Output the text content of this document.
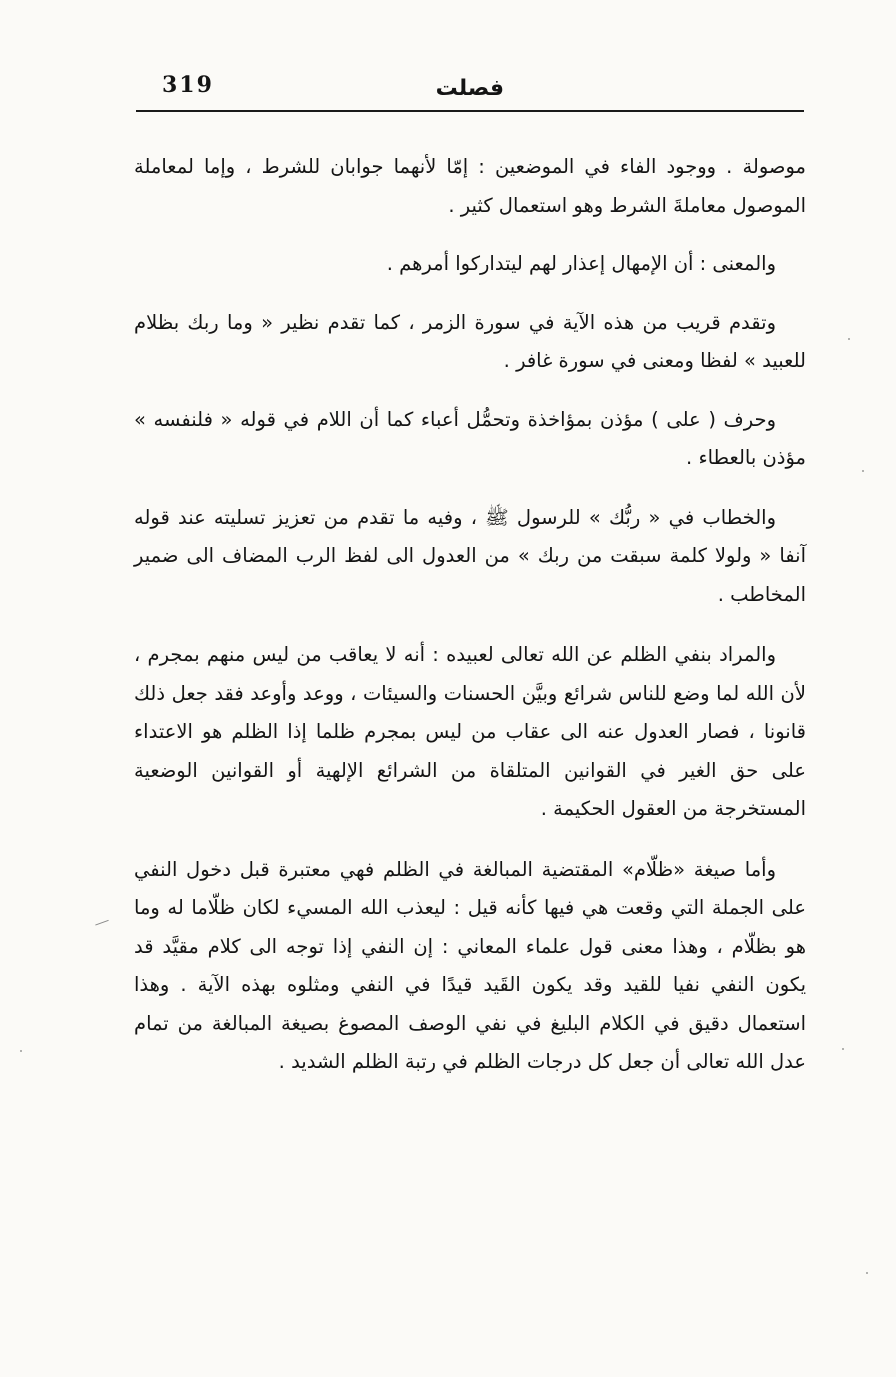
319	فصلت

موصولة . ووجود الفاء في الموضعين : إمّا لأنهما جوابان للشرط ، وإما لمعاملة الموصول معاملةَ الشرط وهو استعمال كثير .

والمعنى : أن الإمهال إعذار لهم ليتداركوا أمرهم .

وتقدم قريب من هذه الآية في سورة الزمر ، كما تقدم نظير « وما ربك بظلام للعبيد » لفظا ومعنى في سورة غافر .

وحرف ( على ) مؤذن بمؤاخذة وتحمُّل أعباء كما أن اللام في قوله « فلنفسه » مؤذن بالعطاء .

والخطاب في « ربُّك » للرسول ﷺ ، وفيه ما تقدم من تعزيز تسليته عند قوله آنفا « ولولا كلمة سبقت من ربك » من العدول الى لفظ الرب المضاف الى ضمير المخاطب .

والمراد بنفي الظلم عن الله تعالى لعبيده : أنه لا يعاقب من ليس منهم بمجرم ، لأن الله لما وضع للناس شرائع وبيَّن الحسنات والسيئات ، ووعد وأوعد فقد جعل ذلك قانونا ، فصار العدول عنه الى عقاب من ليس بمجرم ظلما إذا الظلم هو الاعتداء على حق الغير في القوانين المتلقاة من الشرائع الإلهية أو القوانين الوضعية المستخرجة من العقول الحكيمة .

وأما صيغة «ظلّام» المقتضية المبالغة في الظلم فهي معتبرة قبل دخول النفي على الجملة التي وقعت هي فيها كأنه قيل : ليعذب الله المسيء لكان ظلّاما له وما هو بظلّام ، وهذا معنى قول علماء المعاني : إن النفي إذا توجه الى كلام مقيَّد قد يكون النفي نفيا للقيد وقد يكون القَيد قيدًا في النفي ومثلوه بهذه الآية . وهذا استعمال دقيق في الكلام البليغ في نفي الوصف المصوغ بصيغة المبالغة من تمام عدل الله تعالى أن جعل كل درجات الظلم في رتبة الظلم الشديد .
